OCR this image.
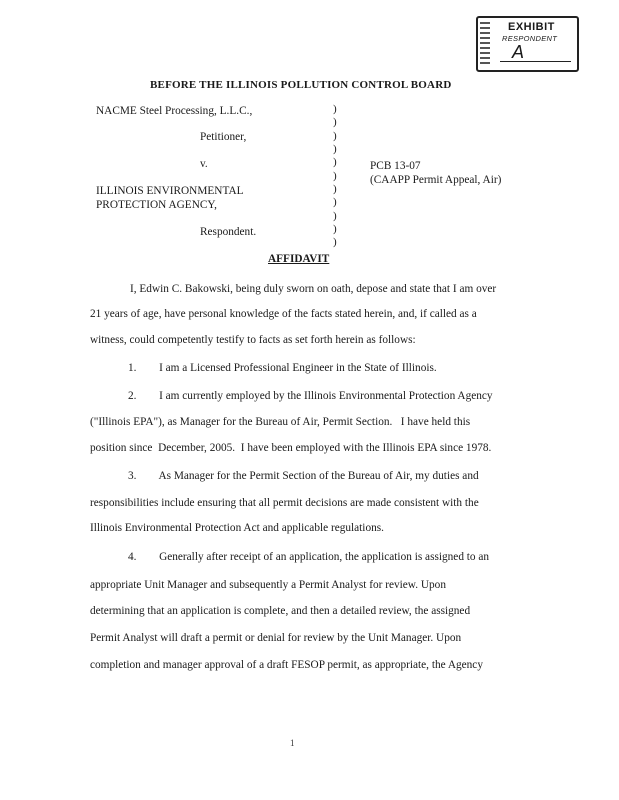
EXHIBIT
RESPONDENT
A
BEFORE THE ILLINOIS POLLUTION CONTROL BOARD
NACME Steel Processing, L.L.C.,
Petitioner,
v.
ILLINOIS ENVIRONMENTAL
PROTECTION AGENCY,
Respondent.
)
)
)
)
)
)
)
)
)
)
)
PCB 13-07
(CAAPP Permit Appeal, Air)
AFFIDAVIT
I, Edwin C. Bakowski, being duly sworn on oath, depose and state that I am over
21 years of age, have personal knowledge of the facts stated herein, and, if called as a
witness, could competently testify to facts as set forth herein as follows:
1.        I am a Licensed Professional Engineer in the State of Illinois.
2.        I am currently employed by the Illinois Environmental Protection Agency
("Illinois EPA"), as Manager for the Bureau of Air, Permit Section.   I have held this
position since  December, 2005.  I have been employed with the Illinois EPA since 1978.
3.        As Manager for the Permit Section of the Bureau of Air, my duties and
responsibilities include ensuring that all permit decisions are made consistent with the
Illinois Environmental Protection Act and applicable regulations.
4.        Generally after receipt of an application, the application is assigned to an
appropriate Unit Manager and subsequently a Permit Analyst for review. Upon
determining that an application is complete, and then a detailed review, the assigned
Permit Analyst will draft a permit or denial for review by the Unit Manager. Upon
completion and manager approval of a draft FESOP permit, as appropriate, the Agency
1
